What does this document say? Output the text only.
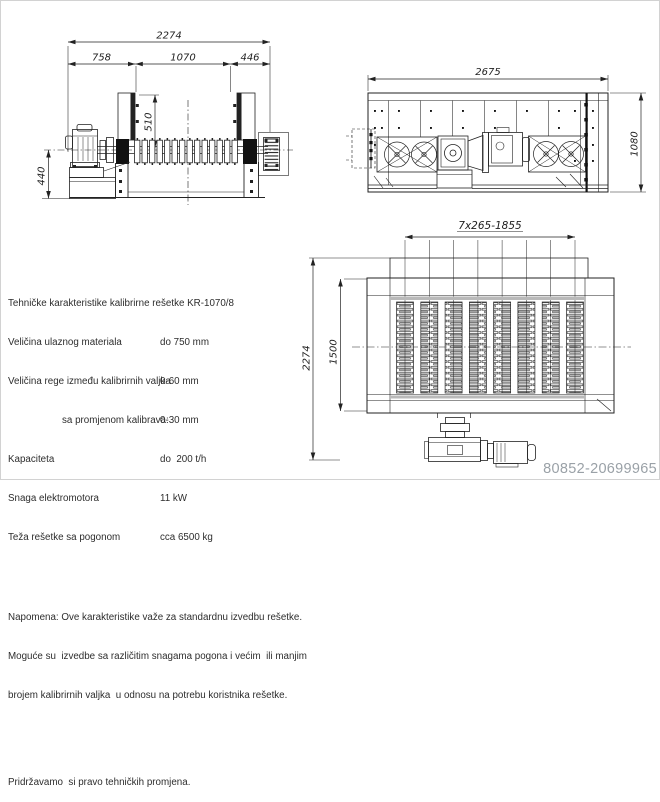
2274
758	1070	446
510
440
2675
1080
7x265-1855
2274 1500

Tehničke karakteristike kalibrirne rešetke KR-1070/8

Veličina ulaznog materiala

	do 750 mm

Veličina rege između kalibrirnih valjka

0-60 mm

sa promjenom kalibrava:

0-30 mm

Kapaciteta

	do  200 t/h

Snaga elektromotora

	11 kW

Teža rešetke sa pogonom

	cca 6500 kg

Napomena: Ove karakteristike važe za standardnu izvedbu rešetke.

Moguće su  izvedbe sa različitim snagama pogona i većim  ili manjim

brojem kalibrirnih valjka  u odnosu na potrebu koristnika rešetke.

Pridržavamo  si pravo tehničkih promjena.

80852-20699965
